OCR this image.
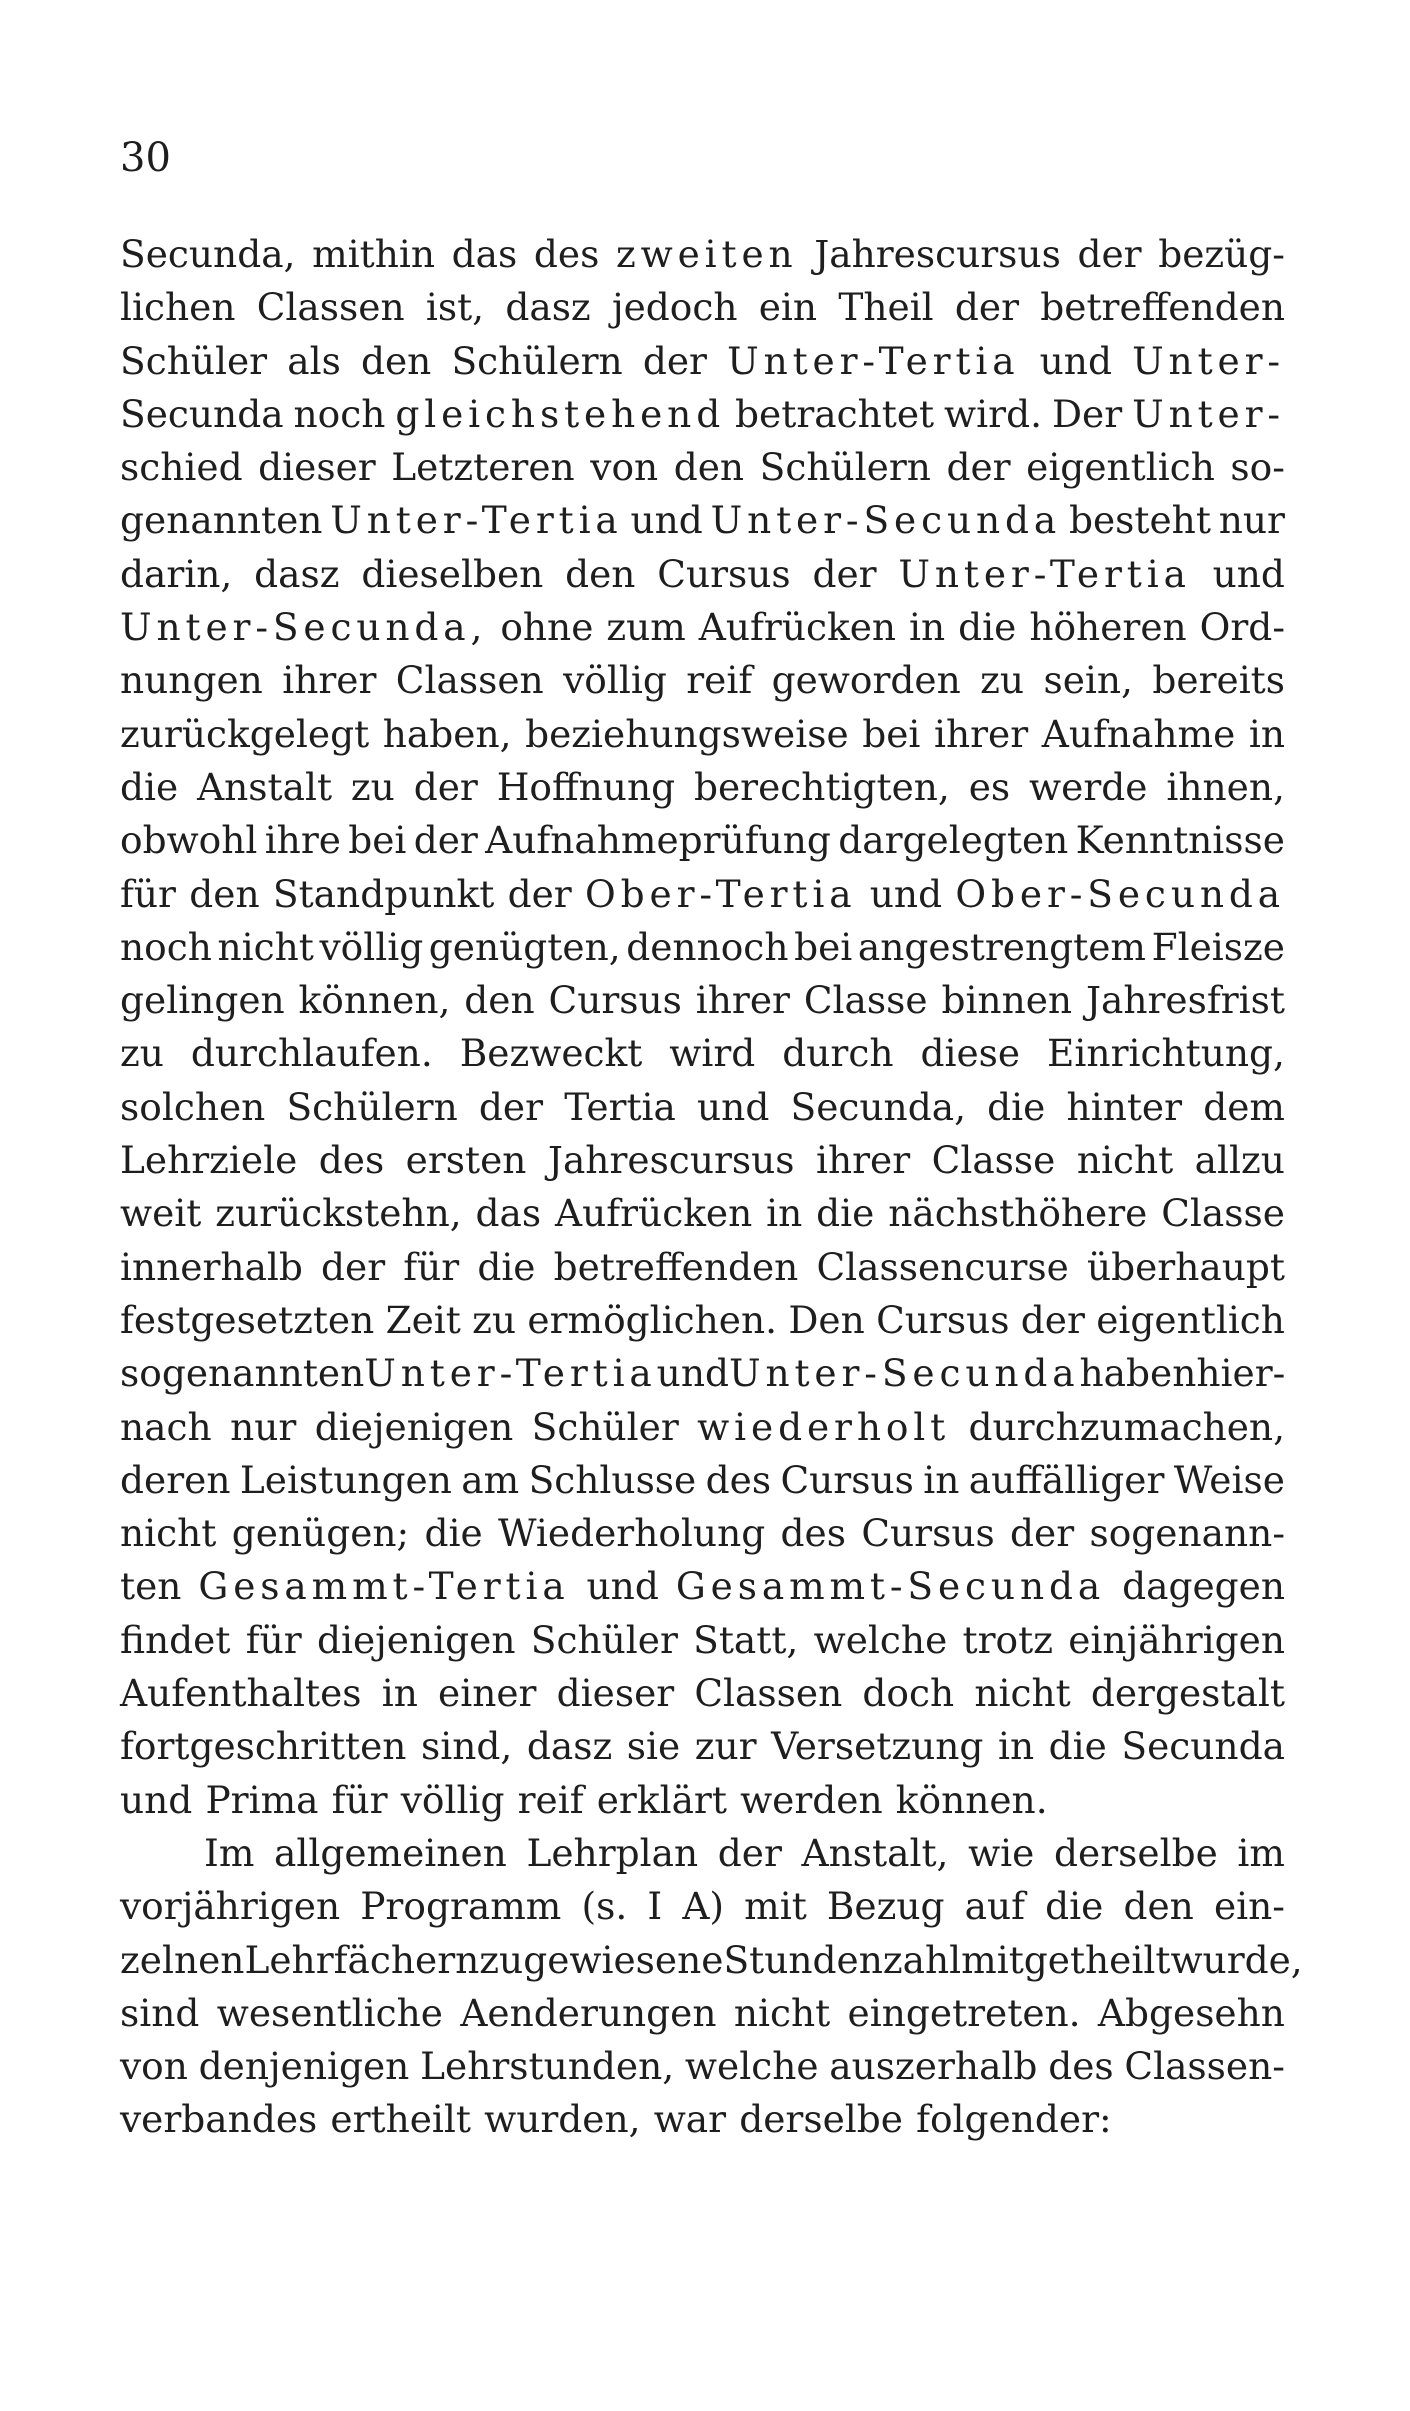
30
Secunda, mithin das des zweiten Jahrescursus der bezüg-
lichen Classen ist, dasz jedoch ein Theil der betreffenden
Schüler als den Schülern der Unter-Tertia und Unter-
Secunda noch gleichstehend betrachtet wird. Der Unter-
schied dieser Letzteren von den Schülern der eigentlich so-
genannten Unter-Tertia und Unter-Secunda besteht nur
darin, dasz dieselben den Cursus der Unter-Tertia und
Unter-Secunda, ohne zum Aufrücken in die höheren Ord-
nungen ihrer Classen völlig reif geworden zu sein, bereits
zurückgelegt haben, beziehungsweise bei ihrer Aufnahme in
die Anstalt zu der Hoffnung berechtigten, es werde ihnen,
obwohl ihre bei der Aufnahmeprüfung dargelegten Kenntnisse
für den Standpunkt der Ober-Tertia und Ober-Secunda
noch nicht völlig genügten, dennoch bei angestrengtem Fleisze
gelingen können, den Cursus ihrer Classe binnen Jahresfrist
zu durchlaufen. Bezweckt wird durch diese Einrichtung,
solchen Schülern der Tertia und Secunda, die hinter dem
Lehrziele des ersten Jahrescursus ihrer Classe nicht allzu
weit zurückstehn, das Aufrücken in die nächsthöhere Classe
innerhalb der für die betreffenden Classencurse überhaupt
festgesetzten Zeit zu ermöglichen. Den Cursus der eigentlich
sogenannten Unter-Tertia und Unter-Secunda haben hier-
nach nur diejenigen Schüler wiederholt durchzumachen,
deren Leistungen am Schlusse des Cursus in auffälliger Weise
nicht genügen; die Wiederholung des Cursus der sogenann-
ten Gesammt-Tertia und Gesammt-Secunda dagegen
findet für diejenigen Schüler Statt, welche trotz einjährigen
Aufenthaltes in einer dieser Classen doch nicht dergestalt
fortgeschritten sind, dasz sie zur Versetzung in die Secunda
und Prima für völlig reif erklärt werden können.
Im allgemeinen Lehrplan der Anstalt, wie derselbe im
vorjährigen Programm (s. I A) mit Bezug auf die den ein-
zelnen Lehrfächern zugewiesene Stundenzahl mitgetheilt wurde,
sind wesentliche Aenderungen nicht eingetreten. Abgesehn
von denjenigen Lehrstunden, welche auszerhalb des Classen-
verbandes ertheilt wurden, war derselbe folgender:
